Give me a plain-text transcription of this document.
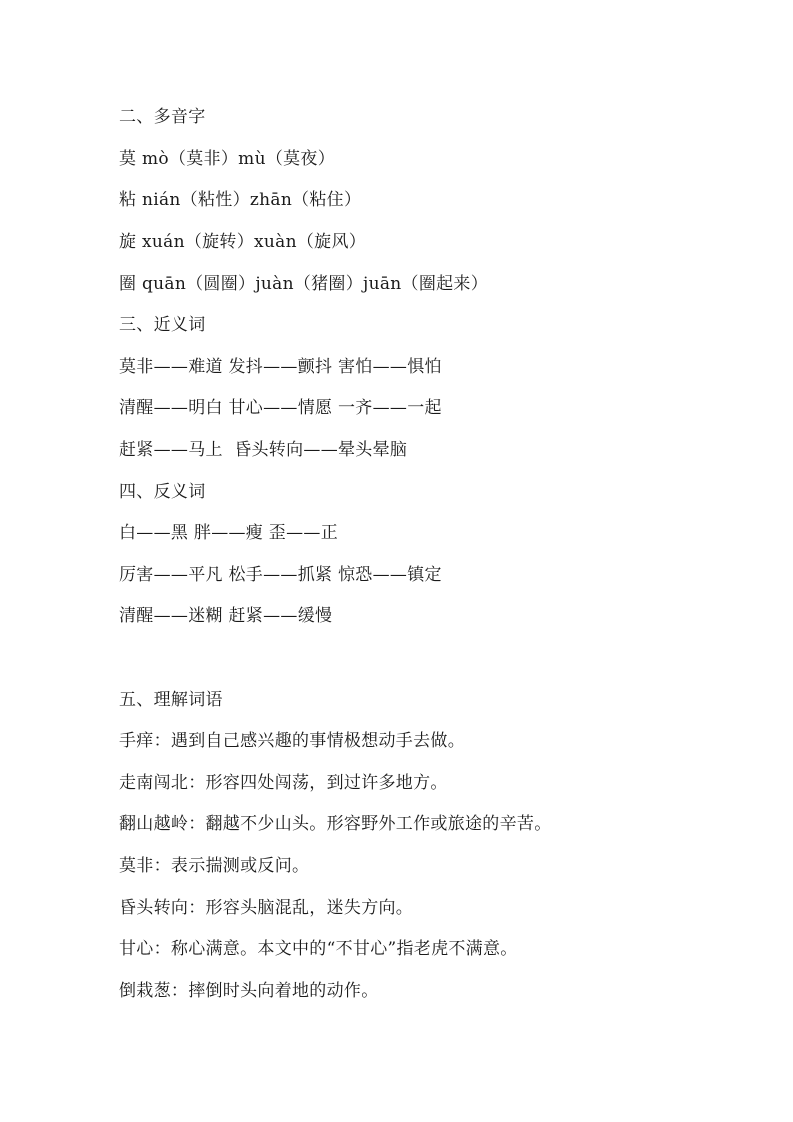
二、多音字
莫 mò（莫非）mù（莫夜）
粘 nián（粘性）zhān（粘住）
旋 xuán（旋转）xuàn（旋风）
圈 quān（圆圈）juàn（猪圈）juān（圈起来）
三、近义词
莫非——难道 发抖——颤抖 害怕——惧怕
清醒——明白 甘心——情愿 一齐——一起
赶紧——马上  昏头转向——晕头晕脑
四、反义词
白——黑 胖——瘦 歪——正
厉害——平凡 松手——抓紧 惊恐——镇定
清醒——迷糊 赶紧——缓慢
五、理解词语
手痒：遇到自己感兴趣的事情极想动手去做。
走南闯北：形容四处闯荡，到过许多地方。
翻山越岭：翻越不少山头。形容野外工作或旅途的辛苦。
莫非：表示揣测或反问。
昏头转向：形容头脑混乱，迷失方向。
甘心：称心满意。本文中的“不甘心”指老虎不满意。
倒栽葱：摔倒时头向着地的动作。
